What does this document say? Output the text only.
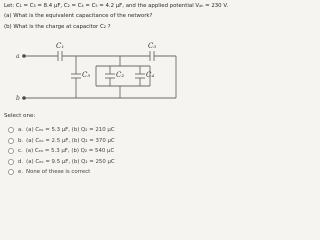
Let: C₁ = C₃ = 8.4 μF, C₂ = C₄ = C₅ = 4.2 μF, and the applied potential Vₐₕ = 230 V.
(a) What is the equivalent capacitance of the network?
(b) What is the charge at capacitor C₂ ?
a
b
C₁	C₃
C₅	C₂	C₄
Select one:
a. (a) Cₑₒ = 5.3 μF, (b) Q₂ = 210 μC
b. (a) Cₑₒ = 2.5 μF, (b) Q₂ = 370 μC
c. (a) Cₑₒ = 5.3 μF, (b) Q₂ = 540 μC
d. (a) Cₑₒ = 9.5 μF, (b) Q₂ = 250 μC
e. None of these is correct
